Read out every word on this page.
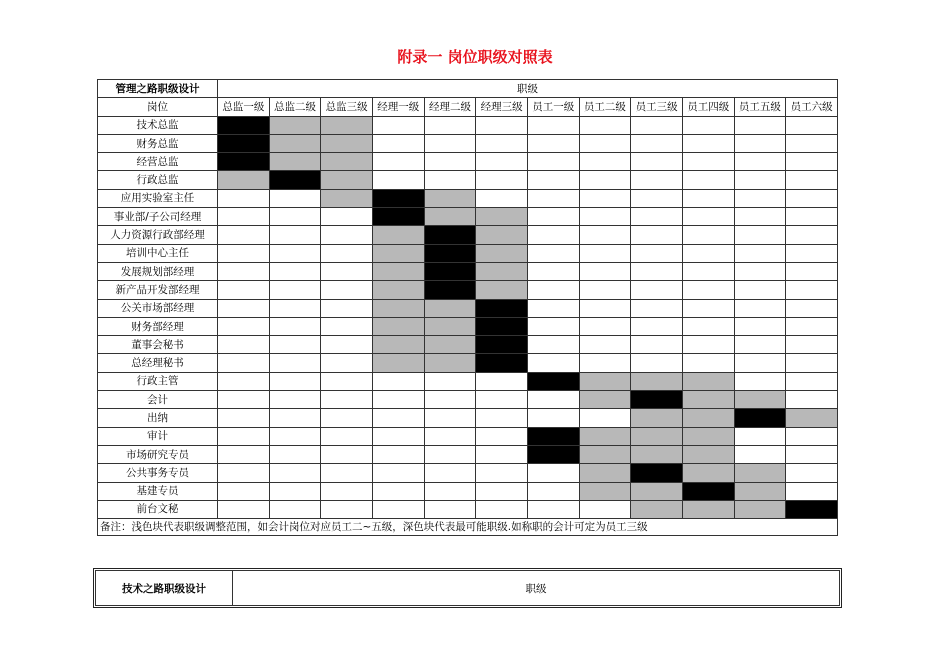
附录一 岗位职级对照表
管理之路职级设计	职级											
岗位	总监一级	总监二级	总监三级	经理一级	经理二级	经理三级	员工一级	员工二级	员工三级	员工四级	员工五级	员工六级
技术总监												
财务总监												
经营总监												
行政总监												
应用实验室主任												
事业部/子公司经理												
人力资源行政部经理												
培训中心主任												
发展规划部经理												
新产品开发部经理												
公关市场部经理												
财务部经理												
董事会秘书												
总经理秘书												
行政主管												
会计												
出纳												
审计												
市场研究专员												
公共事务专员												
基建专员												
前台文秘												
备注：浅色块代表职级调整范围，如会计岗位对应员工二~五级，深色块代表最可能职级.如称职的会计可定为员工三级												
技术之路职级设计	职级
